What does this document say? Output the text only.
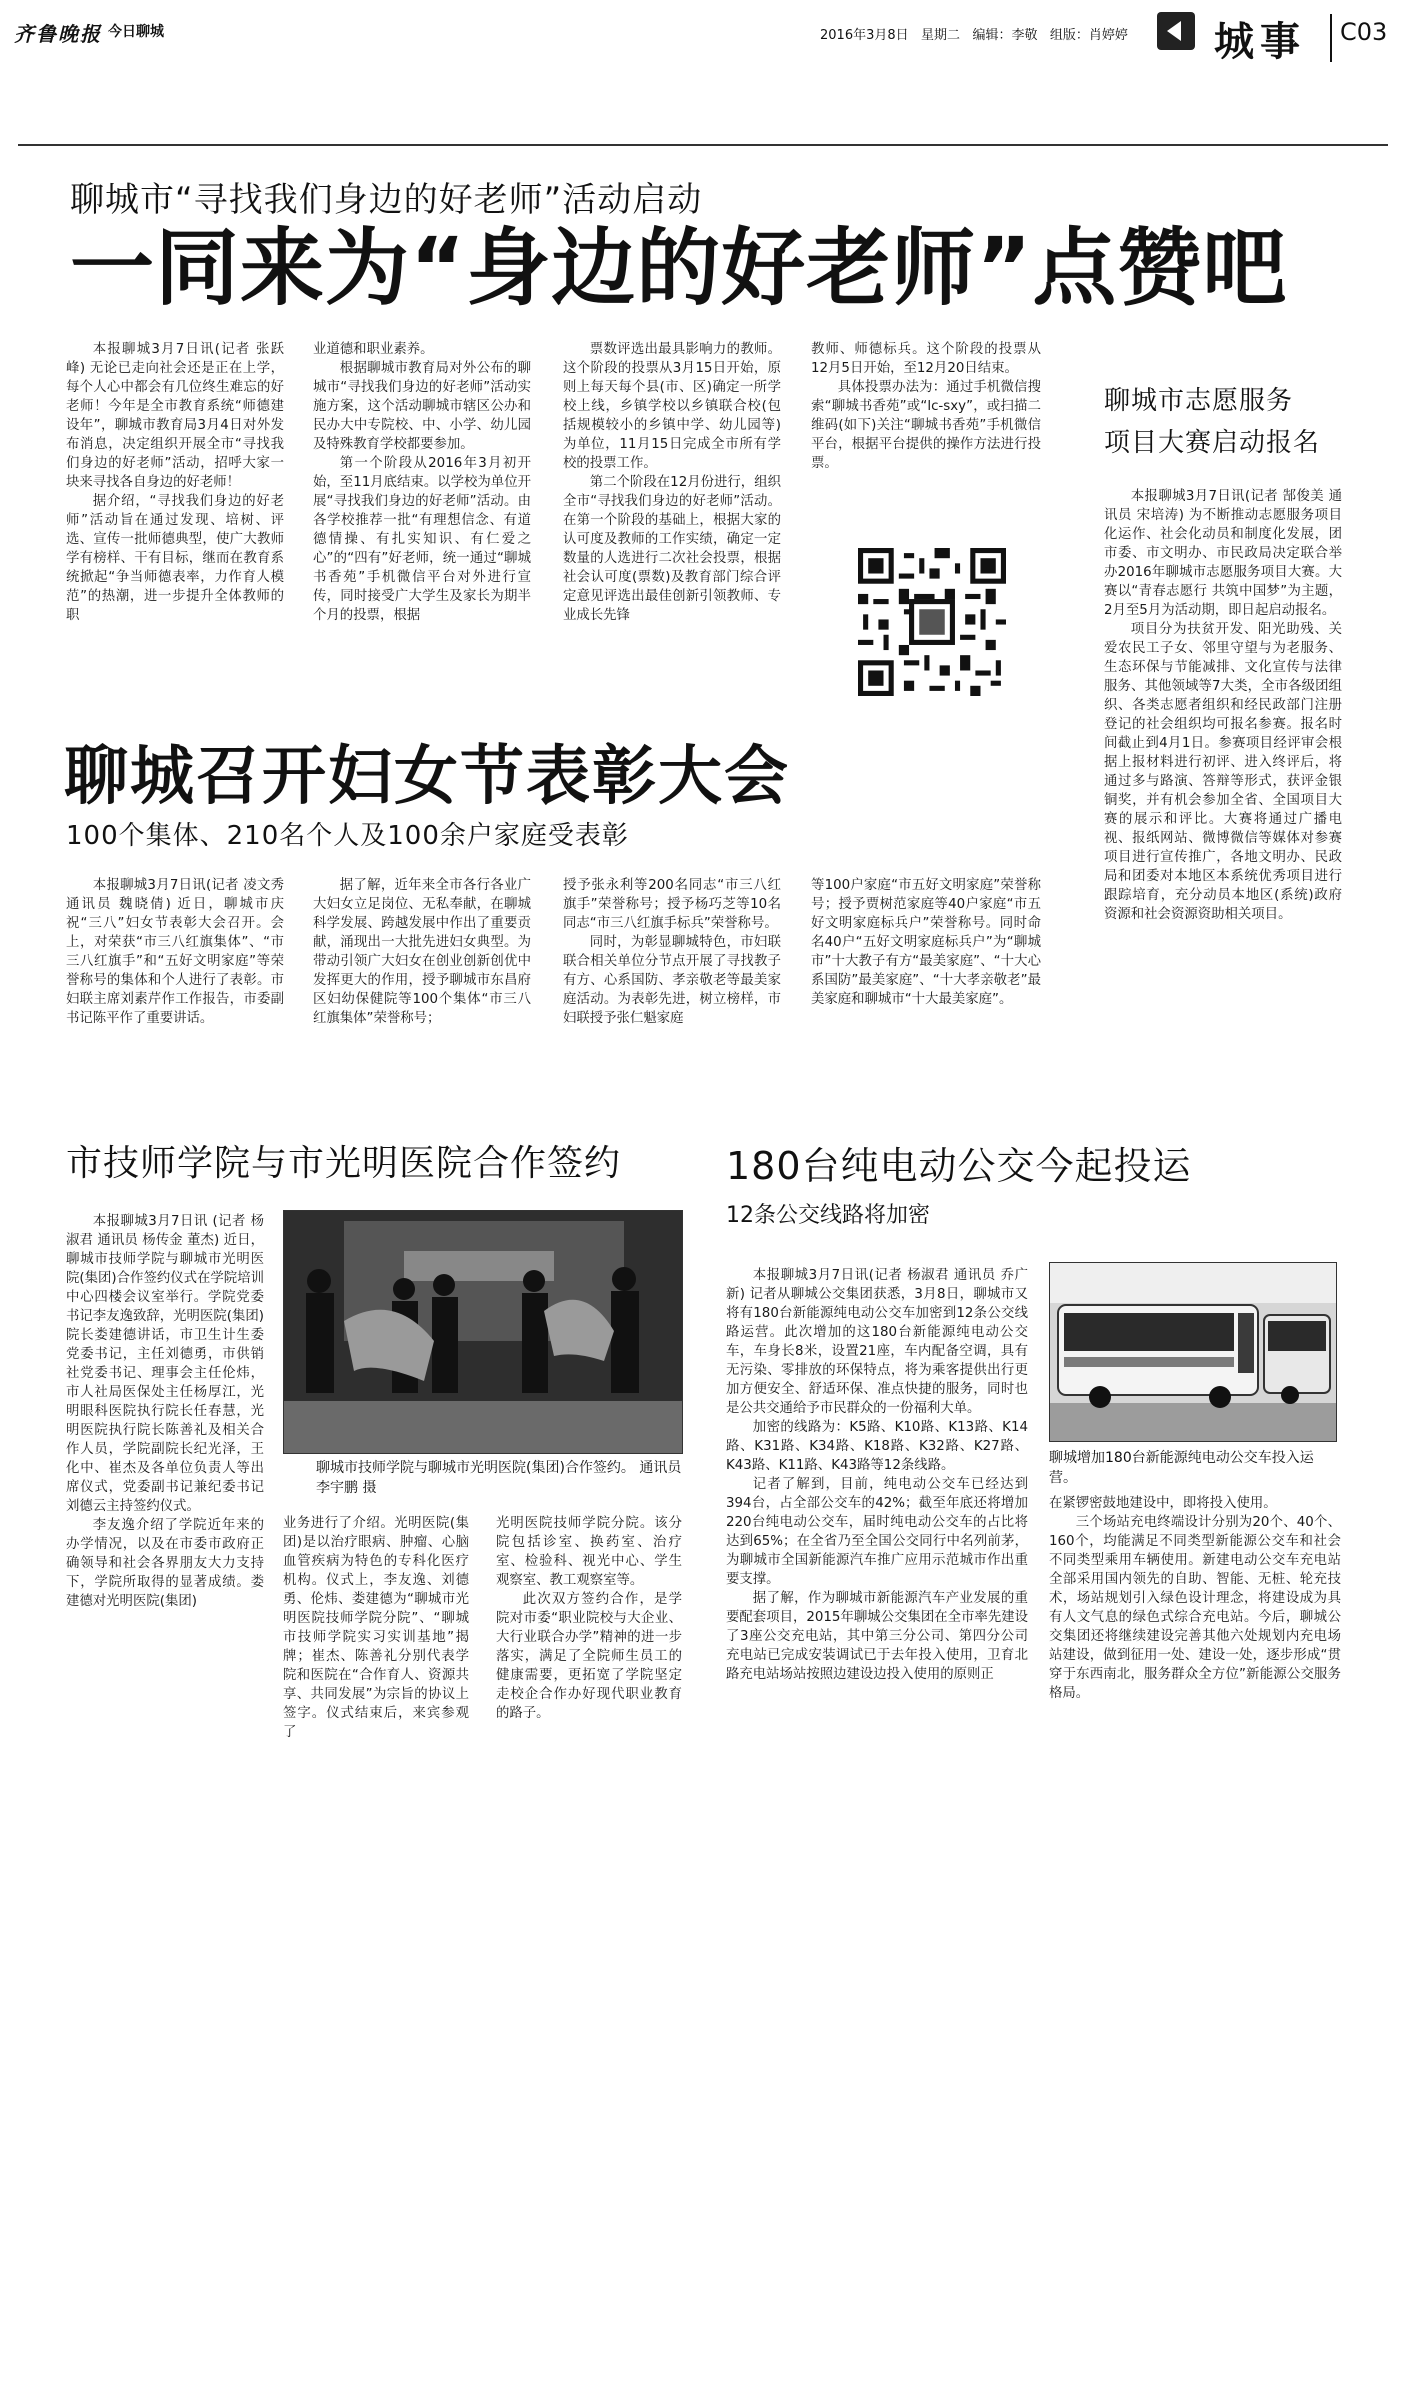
齐鲁晚报 今日聊城	2016年3月8日 星期二 编辑：李敬 组版：肖婷婷 城事 C03
聊城市“寻找我们身边的好老师”活动启动
一同来为“身边的好老师”点赞吧

本报聊城3月7日讯(记者 张跃峰) 无论已走向社会还是正在上学，每个人心中都会有几位终生难忘的好老师！今年是全市教育系统“师德建设年”，聊城市教育局3月4日对外发布消息，决定组织开展全市“寻找我们身边的好老师”活动，招呼大家一块来寻找各自身边的好老师！

据介绍，“寻找我们身边的好老师”活动旨在通过发现、培树、评选、宣传一批师德典型，使广大教师学有榜样、干有目标，继而在教育系统掀起“争当师德表率，力作育人模范”的热潮，进一步提升全体教师的职

业道德和职业素养。

根据聊城市教育局对外公布的聊城市“寻找我们身边的好老师”活动实施方案，这个活动聊城市辖区公办和民办大中专院校、中、小学、幼儿园及特殊教育学校都要参加。

第一个阶段从2016年3月初开始，至11月底结束。以学校为单位开展“寻找我们身边的好老师”活动。由各学校推荐一批“有理想信念、有道德情操、有扎实知识、有仁爱之心”的“四有”好老师，统一通过“聊城书香苑”手机微信平台对外进行宣传，同时接受广大学生及家长为期半个月的投票，根据

票数评选出最具影响力的教师。这个阶段的投票从3月15日开始，原则上每天每个县(市、区)确定一所学校上线，乡镇学校以乡镇联合校(包括规模较小的乡镇中学、幼儿园等)为单位，11月15日完成全市所有学校的投票工作。

第二个阶段在12月份进行，组织全市“寻找我们身边的好老师”活动。在第一个阶段的基础上，根据大家的认可度及教师的工作实绩，确定一定数量的人选进行二次社会投票，根据社会认可度(票数)及教育部门综合评定意见评选出最佳创新引领教师、专业成长先锋

教师、师德标兵。这个阶段的投票从12月5日开始，至12月20日结束。

具体投票办法为：通过手机微信搜索“聊城书香苑”或“lc-sxy”，或扫描二维码(如下)关注“聊城书香苑”手机微信平台，根据平台提供的操作方法进行投票。

聊城市志愿服务
项目大赛启动报名

本报聊城3月7日讯(记者 郜俊美 通讯员 宋培涛) 为不断推动志愿服务项目化运作、社会化动员和制度化发展，团市委、市文明办、市民政局决定联合举办2016年聊城市志愿服务项目大赛。大赛以“青春志愿行 共筑中国梦”为主题，2月至5月为活动期，即日起启动报名。

项目分为扶贫开发、阳光助残、关爱农民工子女、邻里守望与为老服务、生态环保与节能减排、文化宣传与法律服务、其他领域等7大类，全市各级团组织、各类志愿者组织和经民政部门注册登记的社会组织均可报名参赛。报名时间截止到4月1日。参赛项目经评审会根据上报材料进行初评、进入终评后，将通过多与路演、答辩等形式，获评金银铜奖，并有机会参加全省、全国项目大赛的展示和评比。大赛将通过广播电视、报纸网站、微博微信等媒体对参赛项目进行宣传推广，各地文明办、民政局和团委对本地区本系统优秀项目进行跟踪培育，充分动员本地区(系统)政府资源和社会资源资助相关项目。

聊城召开妇女节表彰大会
100个集体、210名个人及100余户家庭受表彰

本报聊城3月7日讯(记者 凌文秀 通讯员 魏晓倩) 近日，聊城市庆祝“三八”妇女节表彰大会召开。会上，对荣获“市三八红旗集体”、“市三八红旗手”和“五好文明家庭”等荣誉称号的集体和个人进行了表彰。市妇联主席刘素芹作工作报告，市委副书记陈平作了重要讲话。

据了解，近年来全市各行各业广大妇女立足岗位、无私奉献，在聊城科学发展、跨越发展中作出了重要贡献，涌现出一大批先进妇女典型。为带动引领广大妇女在创业创新创优中发挥更大的作用，授予聊城市东昌府区妇幼保健院等100个集体“市三八红旗集体”荣誉称号；

授予张永利等200名同志“市三八红旗手”荣誉称号；授予杨巧芝等10名同志“市三八红旗手标兵”荣誉称号。

同时，为彰显聊城特色，市妇联联合相关单位分节点开展了寻找教子有方、心系国防、孝亲敬老等最美家庭活动。为表彰先进，树立榜样，市妇联授予张仁魁家庭

等100户家庭“市五好文明家庭”荣誉称号；授予贾树范家庭等40户家庭“市五好文明家庭标兵户”荣誉称号。同时命名40户“五好文明家庭标兵户”为“聊城市”十大教子有方“最美家庭”、“十大心系国防”最美家庭”、“十大孝亲敬老”最美家庭和聊城市“十大最美家庭”。

市技师学院与市光明医院合作签约

本报聊城3月7日讯 (记者 杨淑君 通讯员 杨传金 董杰) 近日，聊城市技师学院与聊城市光明医院(集团)合作签约仪式在学院培训中心四楼会议室举行。学院党委书记李友逸致辞，光明医院(集团)院长娄建德讲话，市卫生计生委党委书记，主任刘德勇，市供销社党委书记、理事会主任伦炜，市人社局医保处主任杨厚江，光明眼科医院执行院长任春慧，光明医院执行院长陈善礼及相关合作人员，学院副院长纪光泽，王化中、崔杰及各单位负责人等出席仪式，党委副书记兼纪委书记刘德云主持签约仪式。

李友逸介绍了学院近年来的办学情况，以及在市委市政府正确领导和社会各界朋友大力支持下，学院所取得的显著成绩。娄建德对光明医院(集团)

聊城市技师学院与聊城市光明医院(集团)合作签约。 通讯员 李宇鹏 摄

业务进行了介绍。光明医院(集团)是以治疗眼病、肿瘤、心脑血管疾病为特色的专科化医疗机构。仪式上，李友逸、刘德勇、伦炜、娄建德为“聊城市光明医院技师学院分院”、“聊城市技师学院实习实训基地”揭牌；崔杰、陈善礼分别代表学院和医院在“合作育人、资源共享、共同发展”为宗旨的协议上签字。仪式结束后，来宾参观了

光明医院技师学院分院。该分院包括诊室、换药室、治疗室、检验科、视光中心、学生观察室、教工观察室等。

此次双方签约合作，是学院对市委“职业院校与大企业、大行业联合办学”精神的进一步落实，满足了全院师生员工的健康需要，更拓宽了学院坚定走校企合作办好现代职业教育的路子。

180台纯电动公交今起投运
12条公交线路将加密

本报聊城3月7日讯(记者 杨淑君 通讯员 乔广新) 记者从聊城公交集团获悉，3月8日，聊城市又将有180台新能源纯电动公交车加密到12条公交线路运营。此次增加的这180台新能源纯电动公交车，车身长8米，设置21座，车内配备空调，具有无污染、零排放的环保特点，将为乘客提供出行更加方便安全、舒适环保、准点快捷的服务，同时也是公共交通给予市民群众的一份福利大单。

加密的线路为：K5路、K10路、K13路、K14路、K31路、K34路、K18路、K32路、K27路、K43路、K11路、K43路等12条线路。

记者了解到，目前，纯电动公交车已经达到394台，占全部公交车的42%；截至年底还将增加220台纯电动公交车，届时纯电动公交车的占比将达到65%；在全省乃至全国公交同行中名列前茅，为聊城市全国新能源汽车推广应用示范城市作出重要支撑。

据了解，作为聊城市新能源汽车产业发展的重要配套项目，2015年聊城公交集团在全市率先建设了3座公交充电站，其中第三分公司、第四分公司充电站已完成安装调试已于去年投入使用，卫育北路充电站场站按照边建设边投入使用的原则正

聊城增加180台新能源纯电动公交车投入运营。

在紧锣密鼓地建设中，即将投入使用。

三个场站充电终端设计分别为20个、40个、160个，均能满足不同类型新能源公交车和社会不同类型乘用车辆使用。新建电动公交车充电站全部采用国内领先的自助、智能、无桩、轮充技术，场站规划引入绿色设计理念，将建设成为具有人文气息的绿色式综合充电站。今后，聊城公交集团还将继续建设完善其他六处规划内充电场站建设，做到征用一处、建设一处，逐步形成“贯穿于东西南北，服务群众全方位”新能源公交服务格局。
